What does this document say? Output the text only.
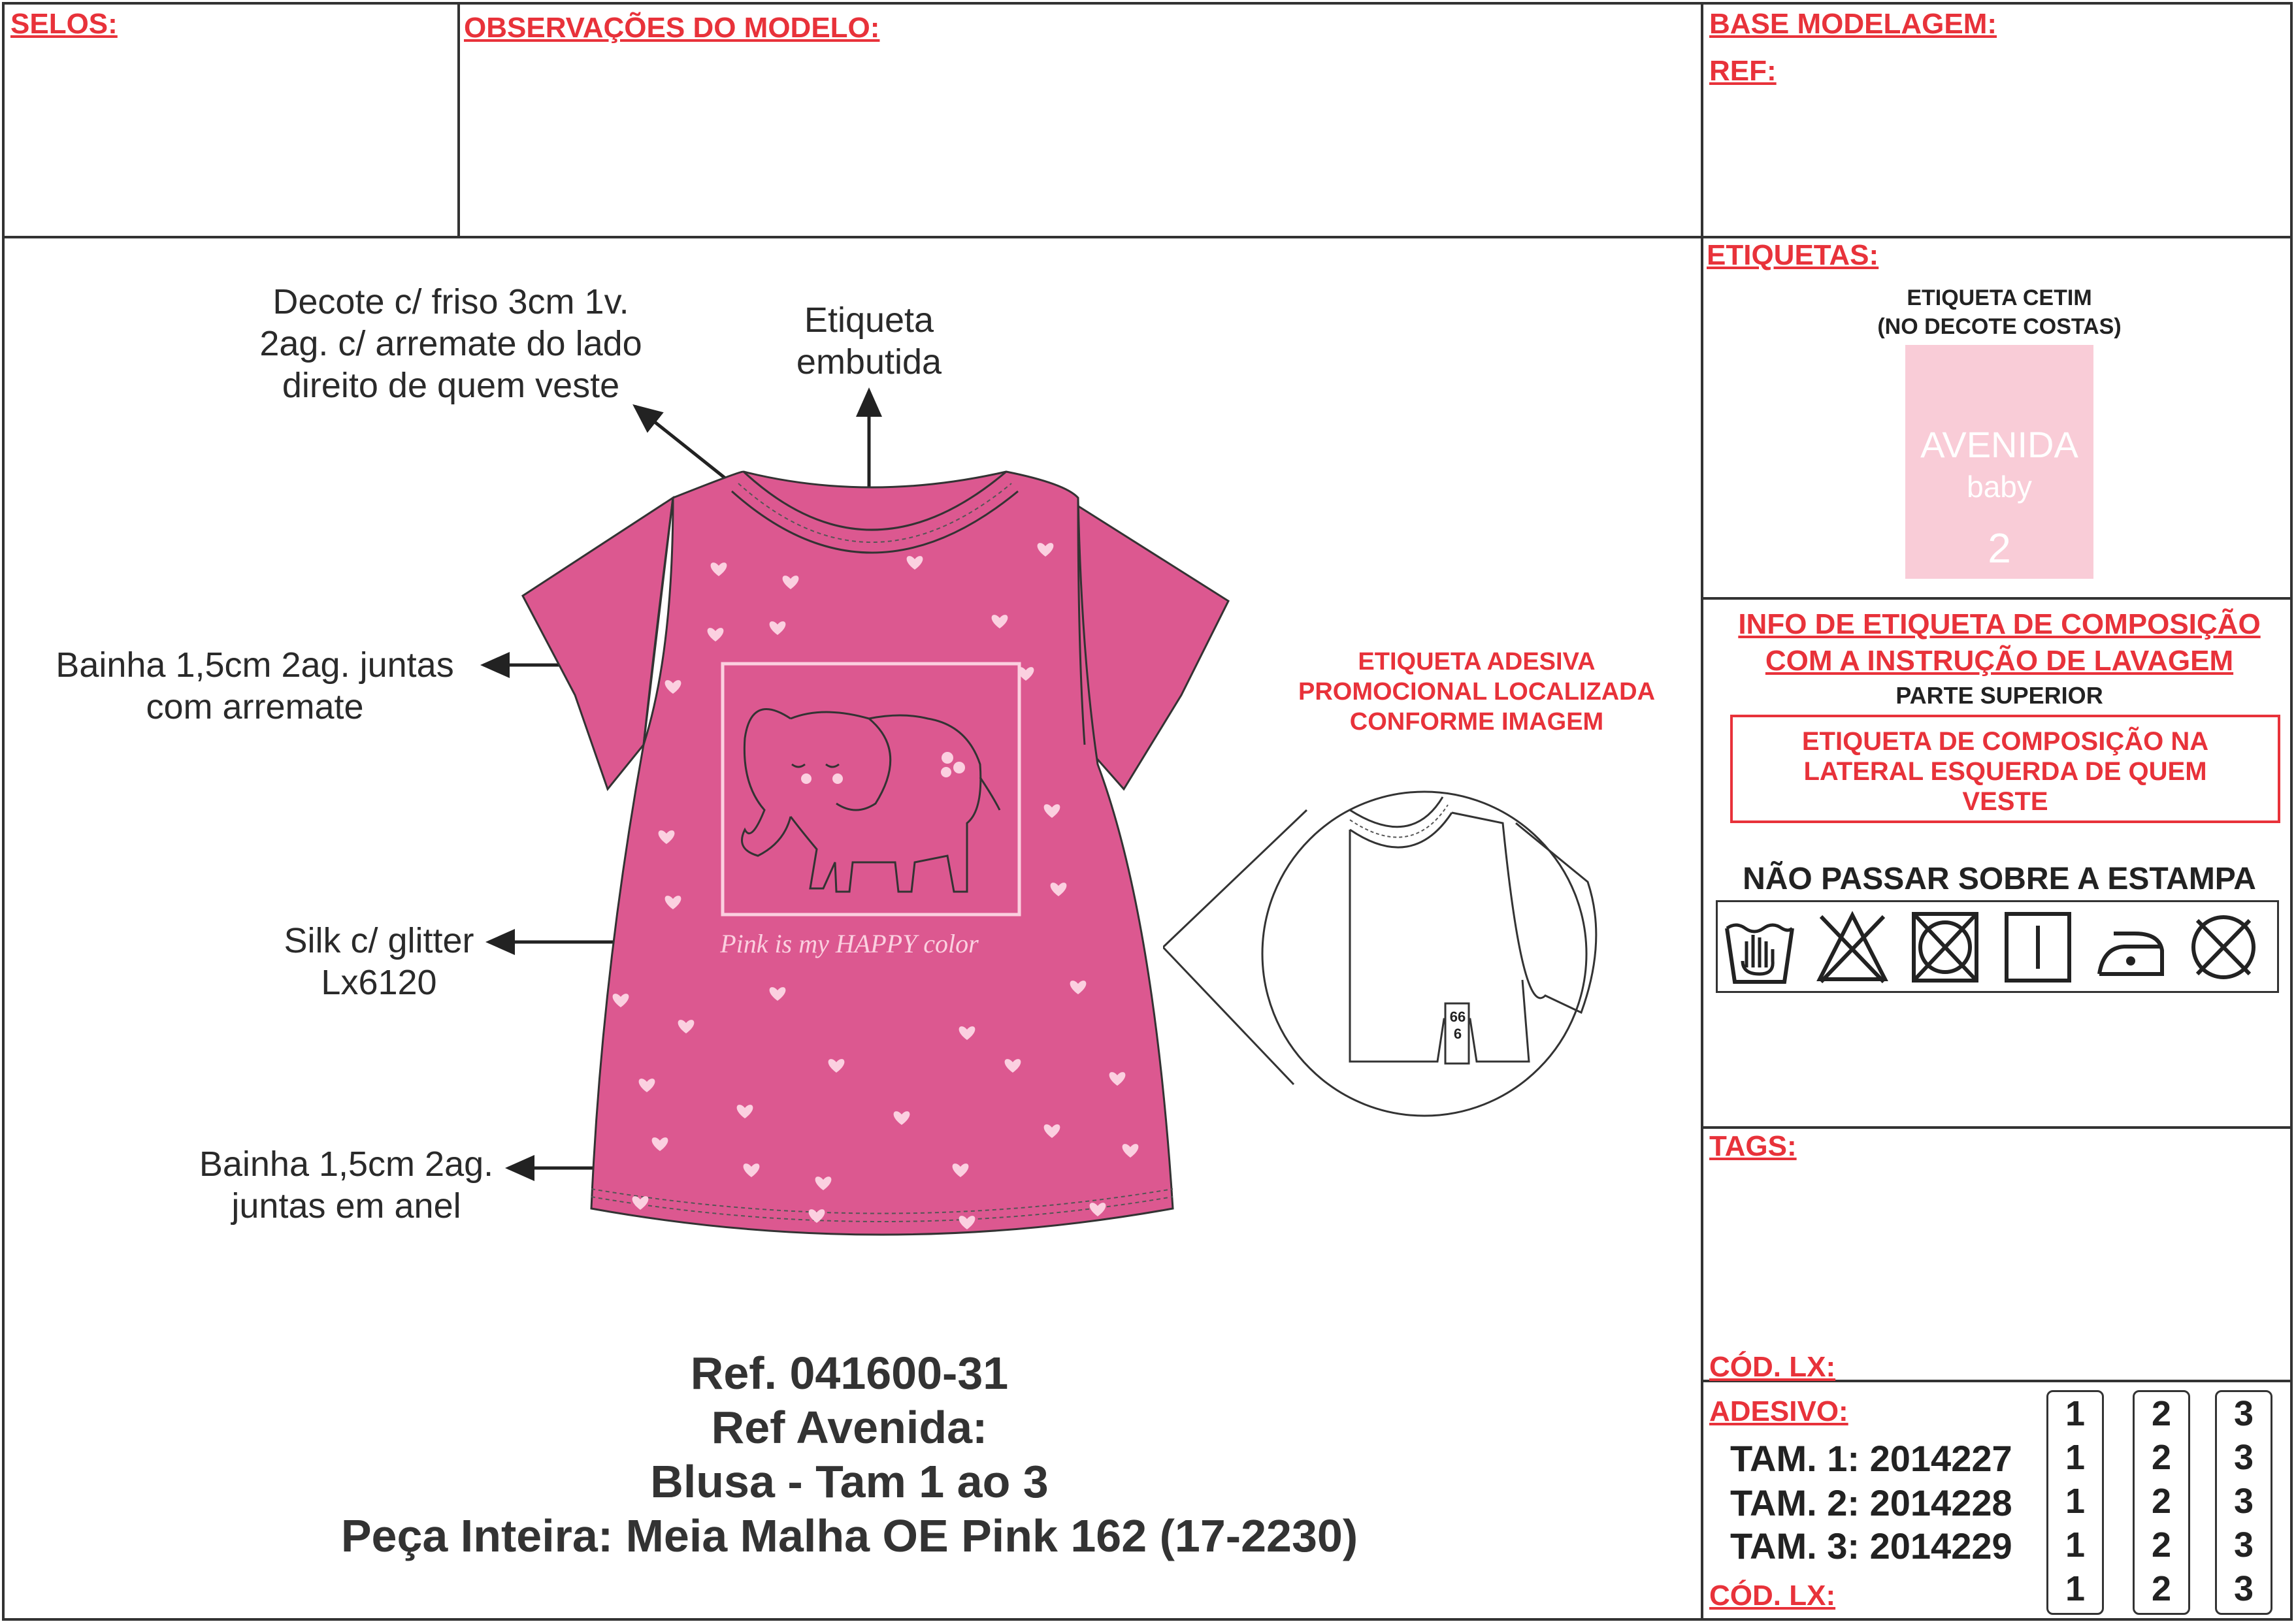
SELOS:	OBSERVAÇÕES DO MODELO:	BASE MODELAGEM:
REF:
ETIQUETAS:
TAGS:
CÓD. LX:
ADESIVO:
CÓD. LX:
Decote c/ friso 3cm 1v.
2ag. c/ arremate do lado
direito de quem veste
Etiqueta
embutida
Bainha 1,5cm 2ag. juntas
com arremate
Silk c/ glitter
Lx6120
Bainha 1,5cm 2ag.
juntas em anel
Pink is my HAPPY color
ETIQUETA ADESIVA
PROMOCIONAL LOCALIZADA
CONFORME IMAGEM
666
ETIQUETA CETIM
(NO DECOTE COSTAS)
AVENIDA
baby
2
INFO DE ETIQUETA DE COMPOSIÇÃO
COM A INSTRUÇÃO DE LAVAGEM
PARTE SUPERIOR
ETIQUETA DE COMPOSIÇÃO NA
LATERAL ESQUERDA DE QUEM
VESTE
NÃO PASSAR SOBRE A ESTAMPA
TAM. 1: 2014227
TAM. 2: 2014228
TAM. 3: 2014229
1
1
1
1
1
2
2
2
2
2
3
3
3
3
3
Ref. 041600-31
Ref Avenida:
Blusa - Tam 1 ao 3
Peça Inteira: Meia Malha OE Pink 162 (17-2230)
